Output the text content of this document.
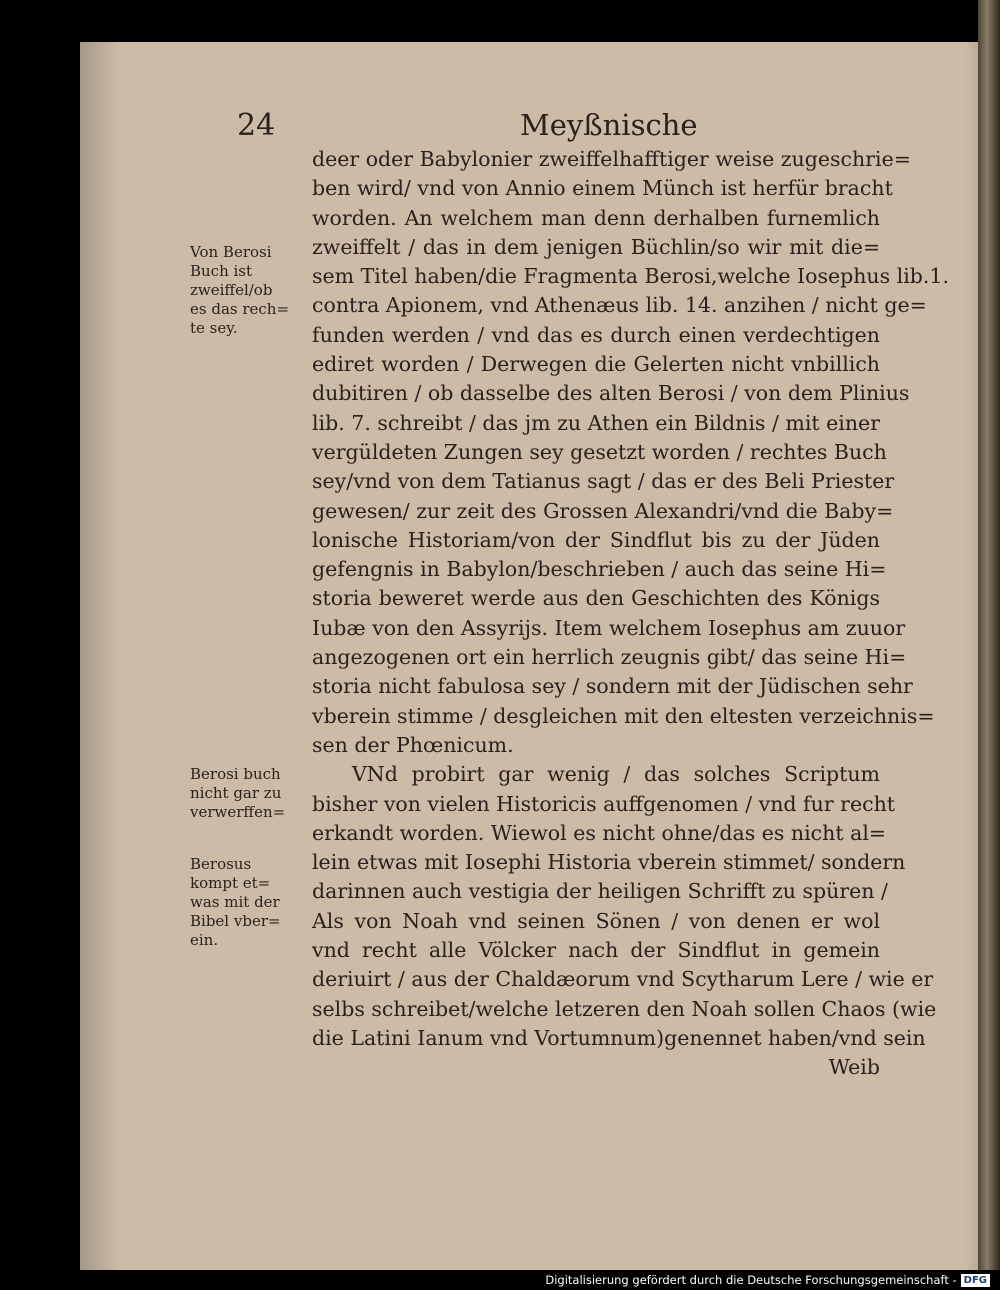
24	Meyßnische
deer oder Babylonier zweiffelhafftiger weise zugeschrie=
ben wird/ vnd von Annio einem Münch ist herfür bracht
worden. An welchem man denn derhalben furnemlich
zweiffelt / das in dem jenigen Büchlin/so wir mit die=
sem Titel haben/die Fragmenta Berosi,welche Iosephus lib.1.
contra Apionem, vnd Athenæus lib. 14. anzihen / nicht ge=
funden werden / vnd das es durch einen verdechtigen
ediret worden / Derwegen die Gelerten nicht vnbillich
dubitiren / ob dasselbe des alten Berosi / von dem Plinius
lib. 7. schreibt / das jm zu Athen ein Bildnis / mit einer
vergüldeten Zungen sey gesetzt worden / rechtes Buch
sey/vnd von dem Tatianus sagt / das er des Beli Priester
gewesen/ zur zeit des Grossen Alexandri/vnd die Baby=
lonische Historiam/von der Sindflut bis zu der Jüden
gefengnis in Babylon/beschrieben / auch das seine Hi=
storia beweret werde aus den Geschichten des Königs
Iubæ von den Assyrijs. Item welchem Iosephus am zuuor
angezogenen ort ein herrlich zeugnis gibt/ das seine Hi=
storia nicht fabulosa sey / sondern mit der Jüdischen sehr
vberein stimme / desgleichen mit den eltesten verzeichnis=
sen der Phœnicum.
VNd probirt gar wenig / das solches Scriptum
bisher von vielen Historicis auffgenomen / vnd fur recht
erkandt worden. Wiewol es nicht ohne/das es nicht al=
lein etwas mit Iosephi Historia vberein stimmet/ sondern
darinnen auch vestigia der heiligen Schrifft zu spüren /
Als von Noah vnd seinen Sönen / von denen er wol
vnd recht alle Völcker nach der Sindflut in gemein
deriuirt / aus der Chaldæorum vnd Scytharum Lere / wie er
selbs schreibet/welche letzeren den Noah sollen Chaos (wie
die Latini Ianum vnd Vortumnum)genennet haben/vnd sein
Weib
Von Berosi
Buch ist
zweiffel/ob
es das rech=
te sey.
Berosi buch
nicht gar zu
verwerffen=
Berosus
kompt et=
was mit der
Bibel vber=
ein.
Digitalisierung gefördert durch die Deutsche Forschungsgemeinschaft - DFG
